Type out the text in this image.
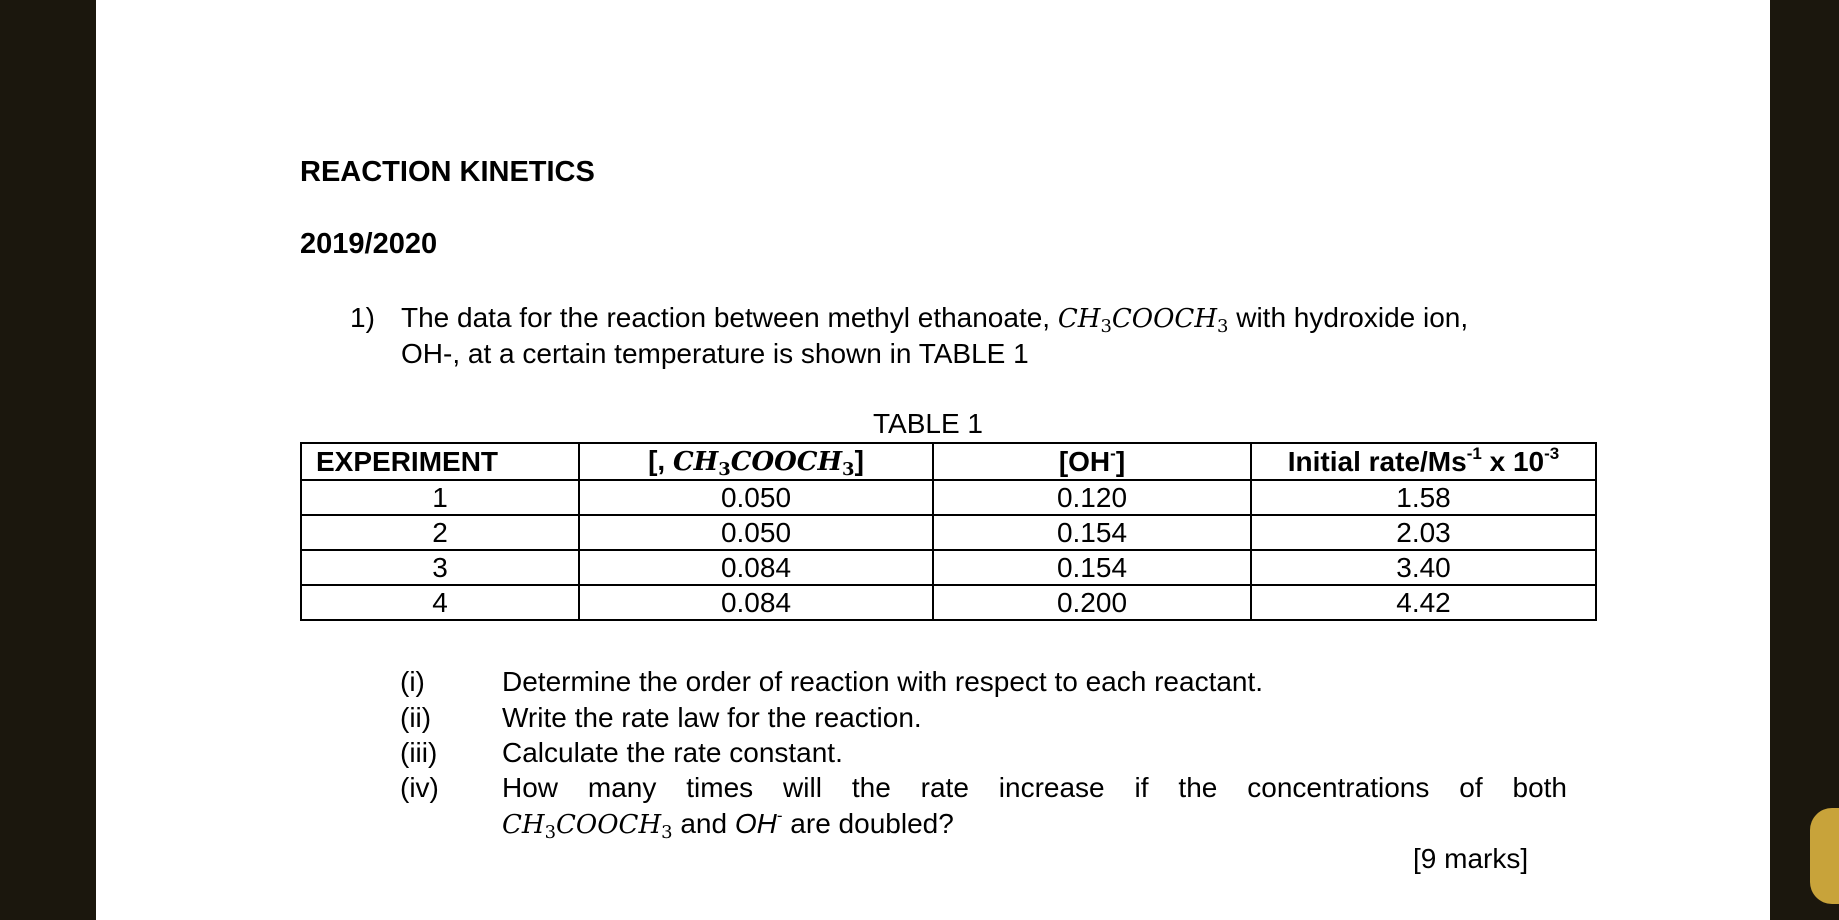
REACTION KINETICS
2019/2020
1) The data for the reaction between methyl ethanoate, $CH_3COOCH_3$ with hydroxide ion,
OH-, at a certain temperature is shown in TABLE 1
TABLE 1
EXPERIMENT	[, $CH_3COOCH_3$]	[OH-]	Initial rate/$Ms^{-1}$ x $10^{-3}$
1	0.050	0.120	1.58
2	0.050	0.154	2.03
3	0.084	0.154	3.40
4	0.084	0.200	4.42
(i)	Determine the order of reaction with respect to each reactant.
(ii)	Write the rate law for the reaction.
(iii) Calculate the rate constant.
(iv) How many times will the rate increase if the concentrations of both
$CH_3COOCH_3$ and OH- are doubled?
[9 marks]
